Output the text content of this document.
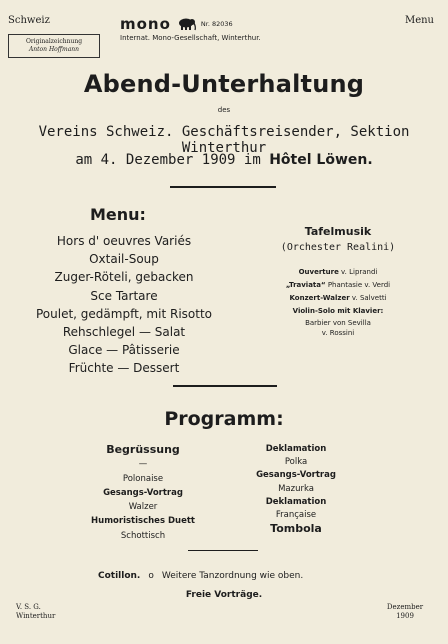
Schweiz	Menu
Originalzeichnung
Anton Hoffmann
mono	Nr. 82036
Internat. Mono-Gesellschaft, Winterthur.
Abend-Unterhaltung
des
Vereins Schweiz. Geschäftsreisender, Sektion Winterthur
am 4. Dezember 1909 im Hôtel Löwen.
Menu:
Hors d' oeuvres Variés
Oxtail-Soup
Zuger-Röteli, gebacken
Sce Tartare
Poulet, gedämpft, mit Risotto
Rehschlegel — Salat
Glace — Pâtisserie
Früchte — Dessert
Tafelmusik
(Orchester Realini)
Ouverture v. Liprandi
„Traviata“ Phantasie v. Verdi
Konzert-Walzer v. Salvetti
Violin-Solo mit Klavier:
Barbier von Sevilla
v. Rossini
Programm:
Begrüssung
—
Polonaise
Gesangs-Vortrag
Walzer
Humoristisches Duett
Schottisch
Deklamation
Polka
Gesangs-Vortrag
Mazurka
Deklamation
Française
Tombola
Cotillon. o Weitere Tanzordnung wie oben.
Freie Vorträge.
V. S. G.
Winterthur
Dezember
1909
